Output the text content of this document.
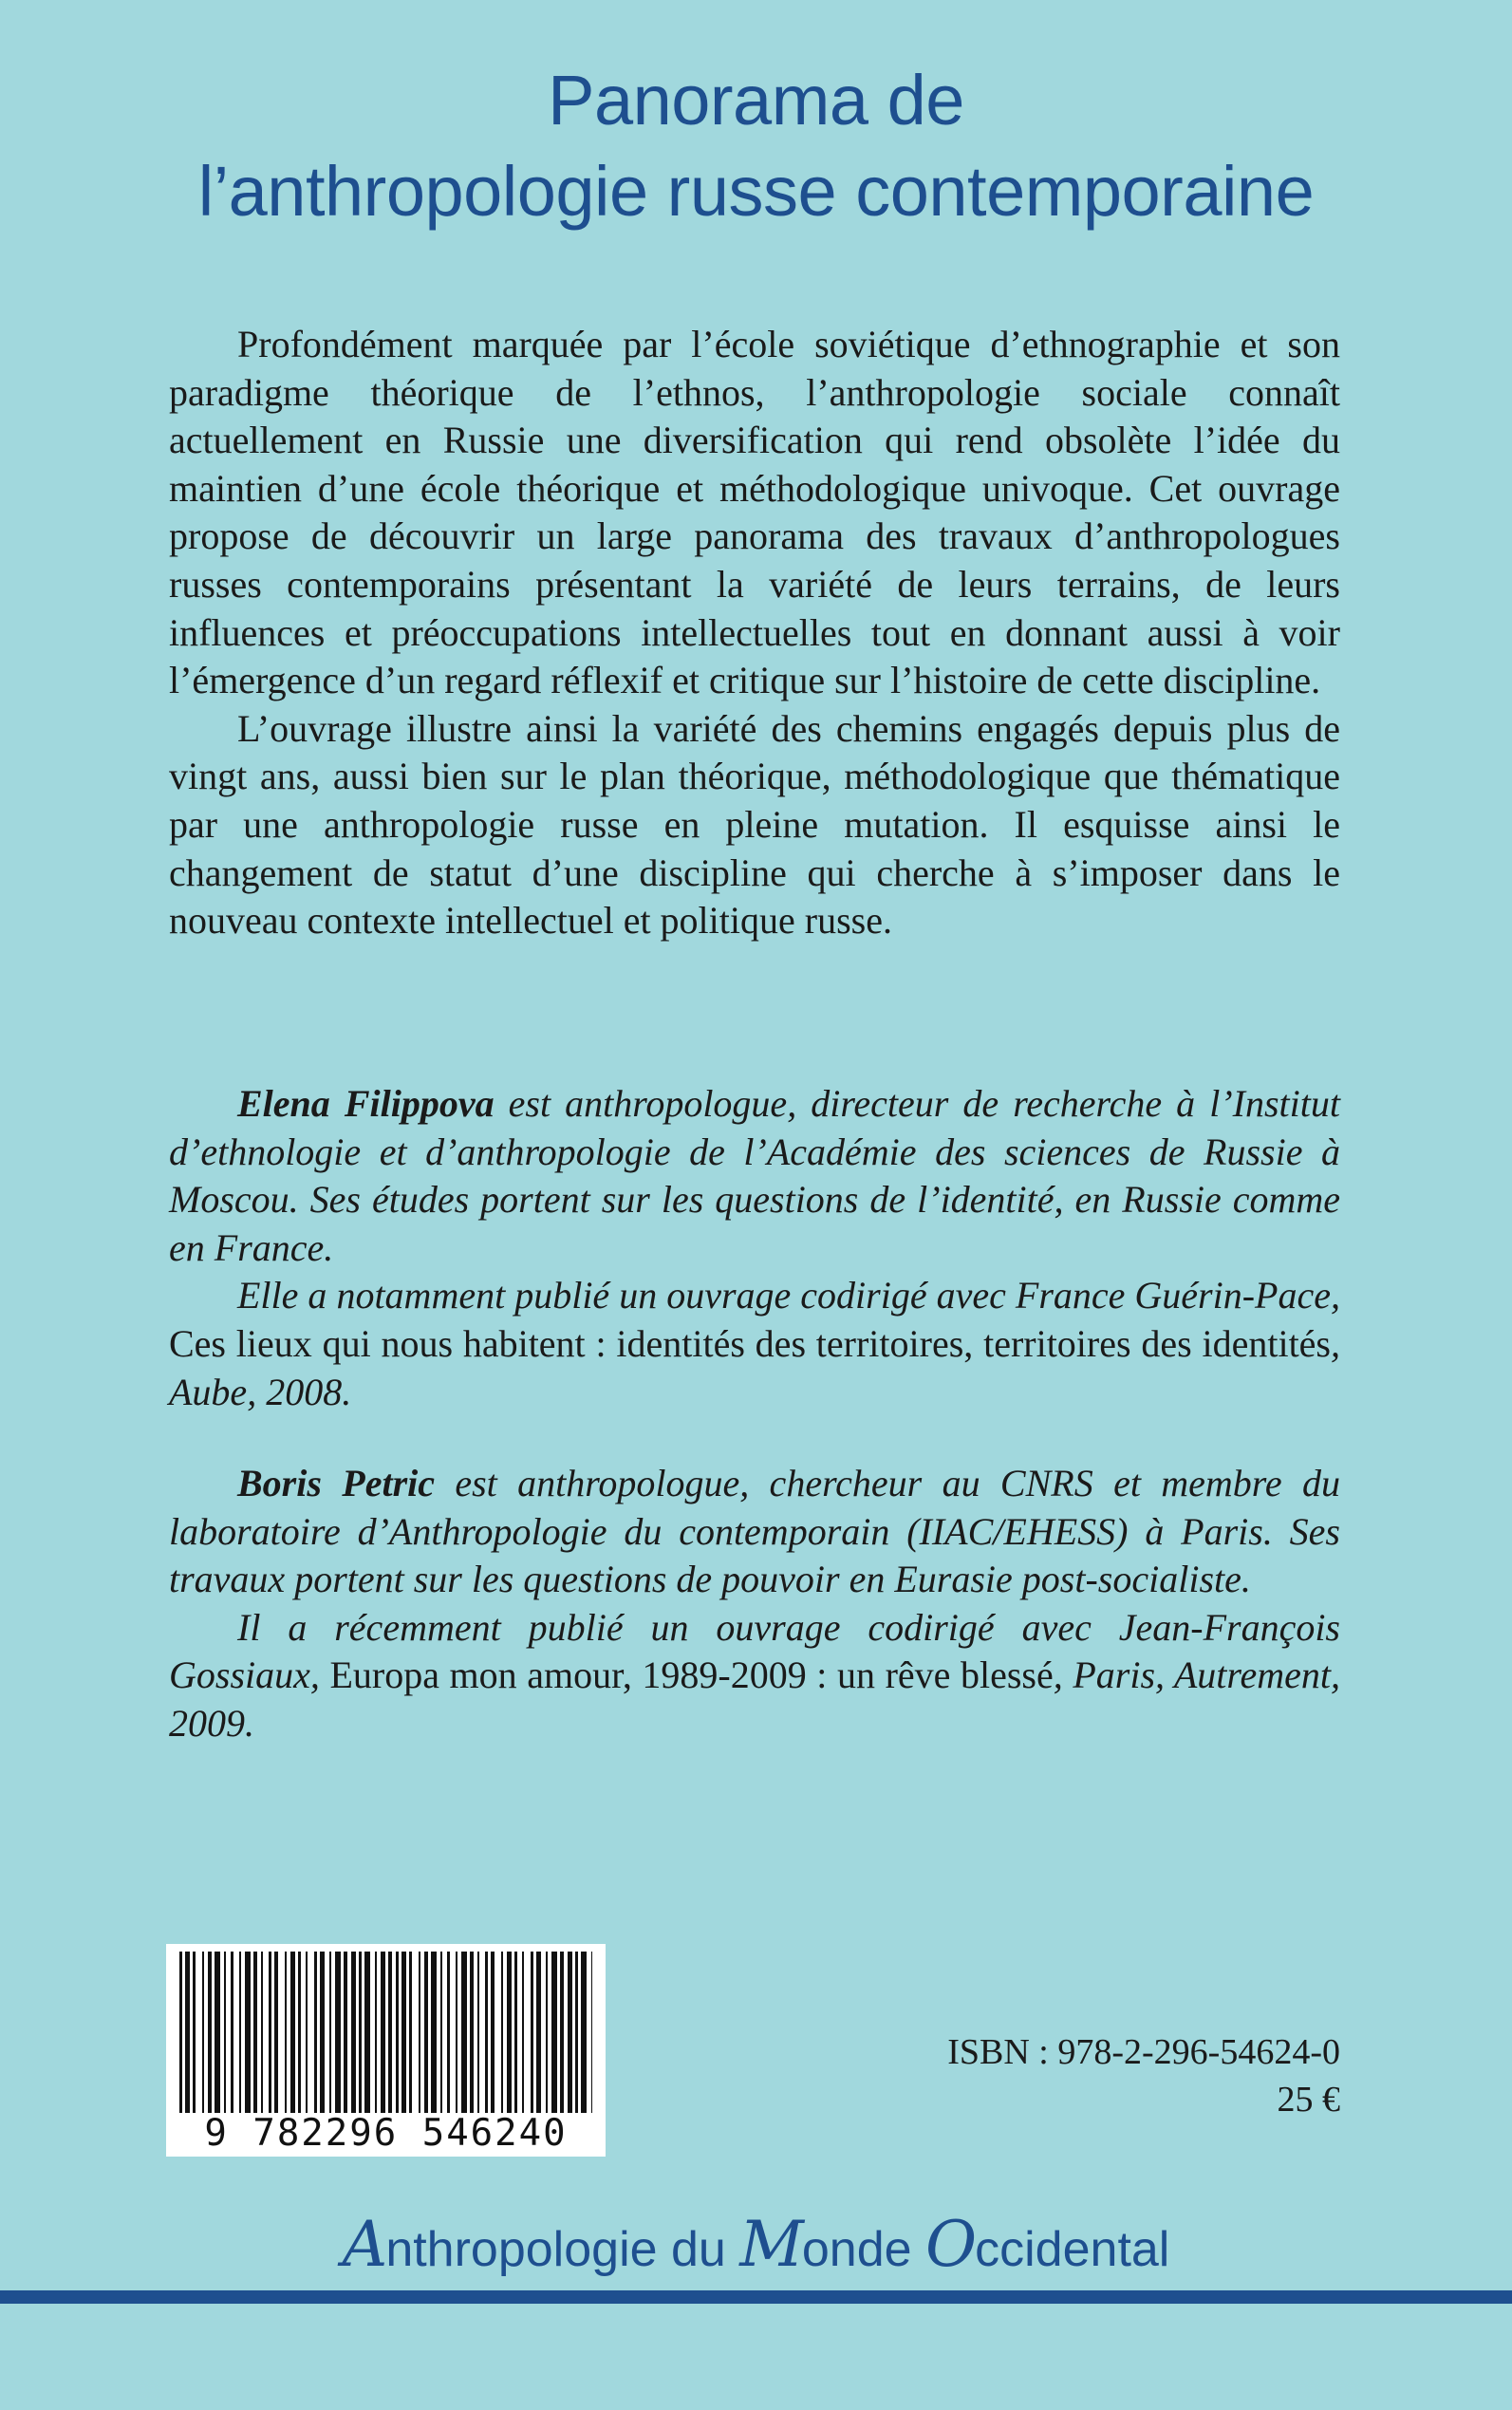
Panorama de
l’anthropologie russe contemporaine

Profondément marquée par l’école soviétique d’ethnographie et son paradigme théorique de l’ethnos, l’anthropologie sociale connaît actuellement en Russie une diversification qui rend obsolète l’idée du maintien d’une école théorique et méthodologique univoque. Cet ouvrage propose de découvrir un large panorama des travaux d’anthropologues russes contemporains présentant la variété de leurs terrains, de leurs influences et préoccupations intellectuelles tout en donnant aussi à voir l’émergence d’un regard réflexif et critique sur l’histoire de cette discipline.

L’ouvrage illustre ainsi la variété des chemins engagés depuis plus de vingt ans, aussi bien sur le plan théorique, méthodologique que thématique par une anthropologie russe en pleine mutation. Il esquisse ainsi le changement de statut d’une discipline qui cherche à s’imposer dans le nouveau contexte intellectuel et politique russe.

Elena Filippova est anthropologue, directeur de recherche à l’Institut d’ethnologie et d’anthropologie de l’Académie des sciences de Russie à Moscou. Ses études portent sur les questions de l’identité, en Russie comme en France.

Elle a notamment publié un ouvrage codirigé avec France Guérin-Pace, Ces lieux qui nous habitent : identités des territoires, territoires des identités, Aube, 2008.

Boris Petric est anthropologue, chercheur au CNRS et membre du laboratoire d’Anthropologie du contemporain (IIAC/EHESS) à Paris. Ses travaux portent sur les questions de pouvoir en Eurasie post-socialiste.

Il a récemment publié un ouvrage codirigé avec Jean-François Gossiaux, Europa mon amour, 1989-2009 : un rêve blessé, Paris, Autrement, 2009.

9 782296 546240
ISBN : 978-2-296-54624-0
25 €
Anthropologie du Monde Occidental
